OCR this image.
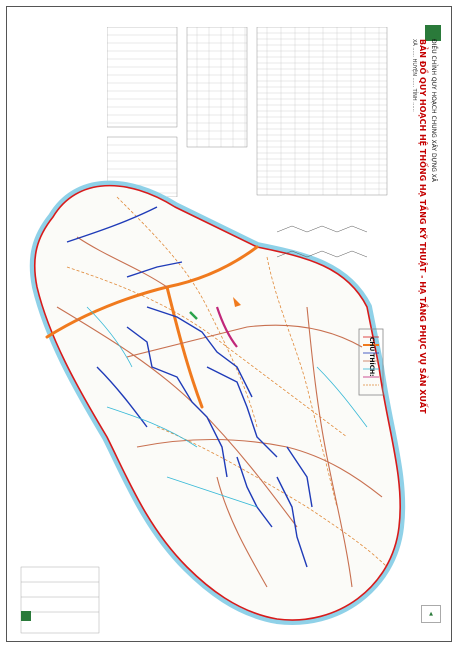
ĐIỀU CHỈNH QUY HOẠCH CHUNG XÂY DỰNG XÃ
BẢN ĐỒ QUY HOẠCH HỆ THỐNG HẠ TẦNG KỸ THUẬT - HẠ TẦNG PHỤC VỤ SẢN XUẤT
XÃ ...... HUYỆN ...... TỈNH ......
CHÚ THÍCH:
▲
